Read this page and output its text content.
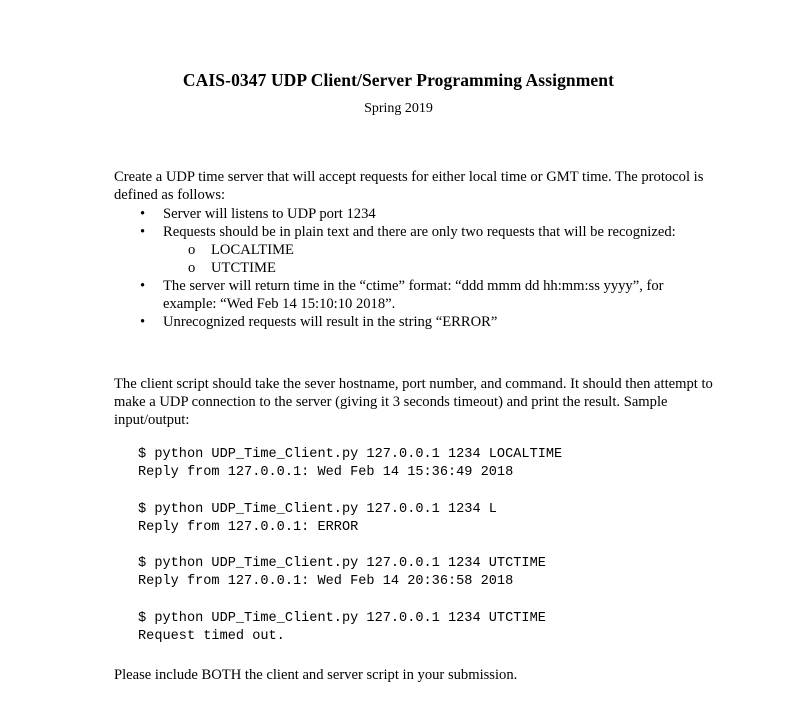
CAIS-0347 UDP Client/Server Programming Assignment
Spring 2019
Create a UDP time server that will accept requests for either local time or GMT time. The protocol is defined as follows:
• Server will listens to UDP port 1234
• Requests should be in plain text and there are only two requests that will be recognized:
o LOCALTIME
o UTCTIME
• The server will return time in the “ctime” format: “ddd mmm dd hh:mm:ss yyyy”, for example: “Wed Feb 14 15:10:10 2018”.
• Unrecognized requests will result in the string “ERROR”
The client script should take the sever hostname, port number, and command. It should then attempt to make a UDP connection to the server (giving it 3 seconds timeout) and print the result. Sample input/output:
$ python UDP_Time_Client.py 127.0.0.1 1234 LOCALTIME
Reply from 127.0.0.1: Wed Feb 14 15:36:49 2018
$ python UDP_Time_Client.py 127.0.0.1 1234 L
Reply from 127.0.0.1: ERROR
$ python UDP_Time_Client.py 127.0.0.1 1234 UTCTIME
Reply from 127.0.0.1: Wed Feb 14 20:36:58 2018
$ python UDP_Time_Client.py 127.0.0.1 1234 UTCTIME
Request timed out.
Please include BOTH the client and server script in your submission.
